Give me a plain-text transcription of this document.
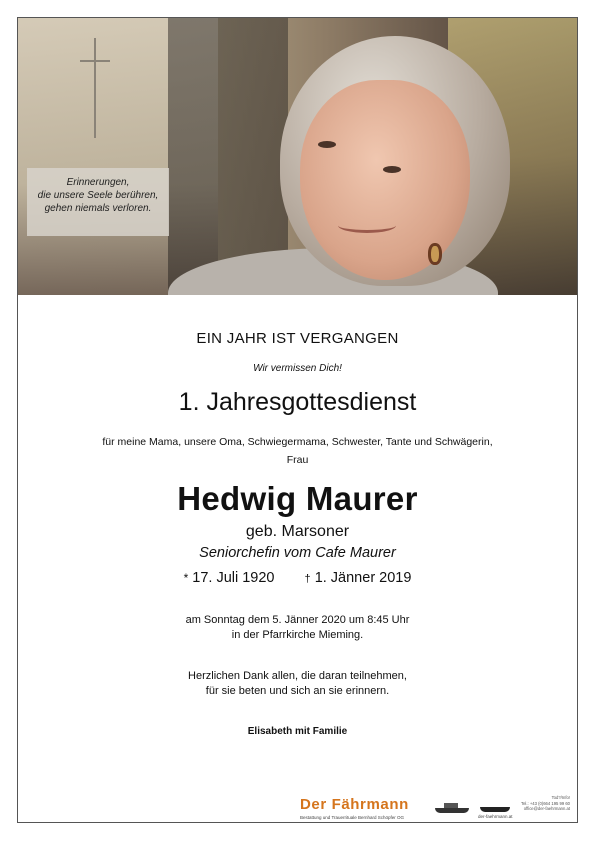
Erinnerungen,
die unsere Seele berühren,
gehen niemals verloren.
EIN JAHR IST VERGANGEN
Wir vermissen Dich!
1. Jahresgottesdienst
für meine Mama, unsere Oma, Schwiegermama, Schwester, Tante und Schwägerin,
Frau
Hedwig Maurer
geb. Marsoner
Seniorchefin vom Cafe Maurer
* 17. Juli 1920	† 1. Jänner 2019
am Sonntag dem 5. Jänner 2020 um 8:45 Uhr
in der Pfarrkirche Mieming.
Herzlichen Dank allen, die daran teilnehmen,
für sie beten und sich an sie erinnern.
Elisabeth mit Familie
Der Fährmann
Bestattung und Trauerrituale Bernhard Schöpfer OG	der-faehrmann.at
Tod?/Info!
Tel.: +43 (0)664 195 99 60
office@der-faehrmann.at
